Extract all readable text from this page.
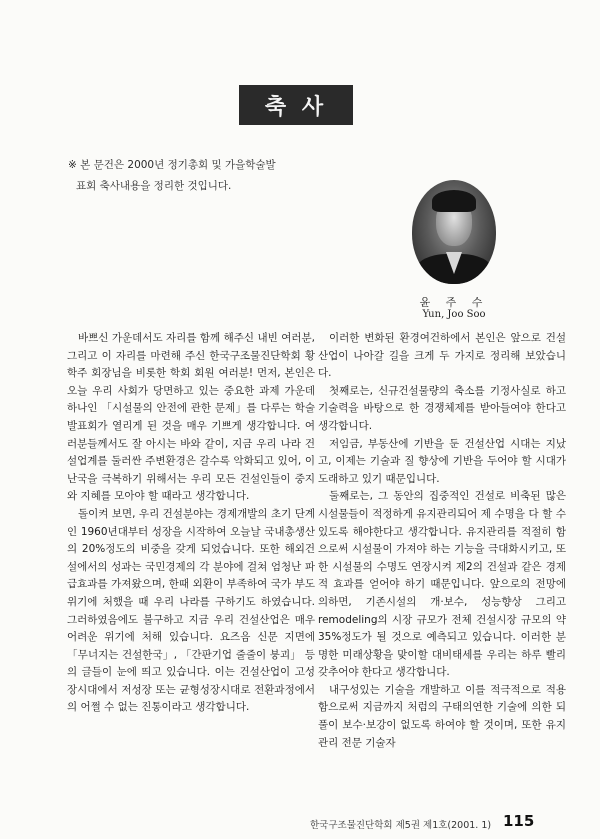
축 사
※ 본 문건은 2000년 정기총회 및 가을학술발
표회 축사내용을 정리한 것입니다.
윤 주 수
Yun, Joo Soo

바쁘신 가운데서도 자리를 함께 해주신 내빈 여러분, 그리고 이 자리를 마련해 주신 한국구조물진단학회 황학주 회장님을 비롯한 학회 회원 여러분! 먼저, 본인은 오늘 우리 사회가 당면하고 있는 중요한 과제 가운데 하나인 「시설물의 안전에 관한 문제」를 다루는 학술 발표회가 열리게 된 것을 매우 기쁘게 생각합니다. 여러분들께서도 잘 아시는 바와 같이, 지금 우리 나라 건설업계를 둘러싼 주변환경은 갈수록 악화되고 있어, 이 난국을 극복하기 위해서는 우리 모든 건설인들이 중지와 지혜를 모아야 할 때라고 생각합니다.

돌이켜 보면, 우리 건설분야는 경제개발의 초기 단계인 1960년대부터 성장을 시작하여 오늘날 국내총생산의 20%정도의 비중을 갖게 되었습니다. 또한 해외건설에서의 성과는 국민경제의 각 분야에 걸쳐 엄청난 파급효과를 가져왔으며, 한때 외환이 부족하여 국가 부도위기에 처했을 때 우리 나라를 구하기도 하였습니다. 그러하였음에도 불구하고 지금 우리 건설산업은 매우 어려운 위기에 처해 있습니다. 요즈음 신문 지면에 「무너지는 건설한국」, 「간판기업 줄줄이 붕괴」 등의 글들이 눈에 띄고 있습니다. 이는 건설산업이 고성장시대에서 저성장 또는 균형성장시대로 전환과정에서의 어쩔 수 없는 진통이라고 생각합니다.

이러한 변화된 환경여건하에서 본인은 앞으로 건설산업이 나아갈 길을 크게 두 가지로 정리해 보았습니다.

첫째로는, 신규건설물량의 축소를 기정사실로 하고 기술력을 바탕으로 한 경쟁체제를 받아들여야 한다고 생각합니다.

저임금, 부동산에 기반을 둔 건설산업 시대는 지났고, 이제는 기술과 질 향상에 기반을 두어야 할 시대가 도래하고 있기 때문입니다.

둘째로는, 그 동안의 집중적인 건설로 비축된 많은 시설물들이 적정하게 유지관리되어 제 수명을 다 할 수 있도록 해야한다고 생각합니다. 유지관리를 적절히 함으로써 시설물이 가져야 하는 기능을 극대화시키고, 또한 시설물의 수명도 연장시켜 제2의 건설과 같은 경제적 효과를 얻어야 하기 때문입니다. 앞으로의 전망에 의하면, 기존시설의 개·보수, 성능향상 그리고 remodeling의 시장 규모가 전체 건설시장 규모의 약 35%정도가 될 것으로 예측되고 있습니다. 이러한 분명한 미래상황을 맞이할 대비태세를 우리는 하루 빨리 갖추어야 한다고 생각합니다.

내구성있는 기술을 개발하고 이를 적극적으로 적용함으로써 지금까지 처럼의 구태의연한 기술에 의한 되풀이 보수·보강이 없도록 하여야 할 것이며, 또한 유지관리 전문 기술자

한국구조물진단학회 제5권 제1호(2001. 1) 115
